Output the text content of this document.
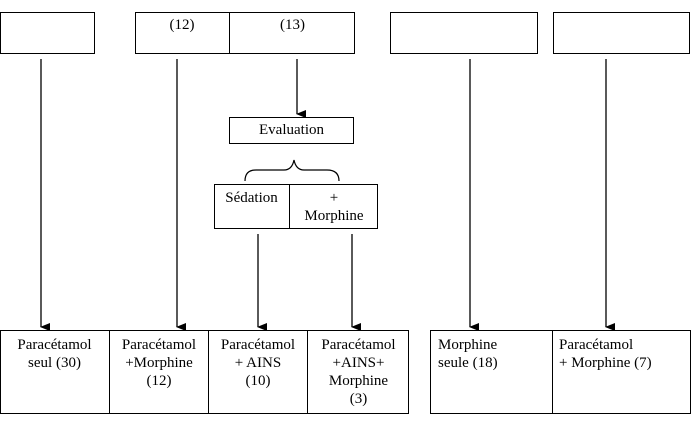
(12)	(13)
Evaluation
Sédation	+
Morphine
Paracétamol
seul (30)
Paracétamol
+Morphine
(12)
Paracétamol
+ AINS
(10)
Paracétamol
+AINS+
Morphine
(3)
Morphine
seule (18)
Paracétamol
+ Morphine (7)
